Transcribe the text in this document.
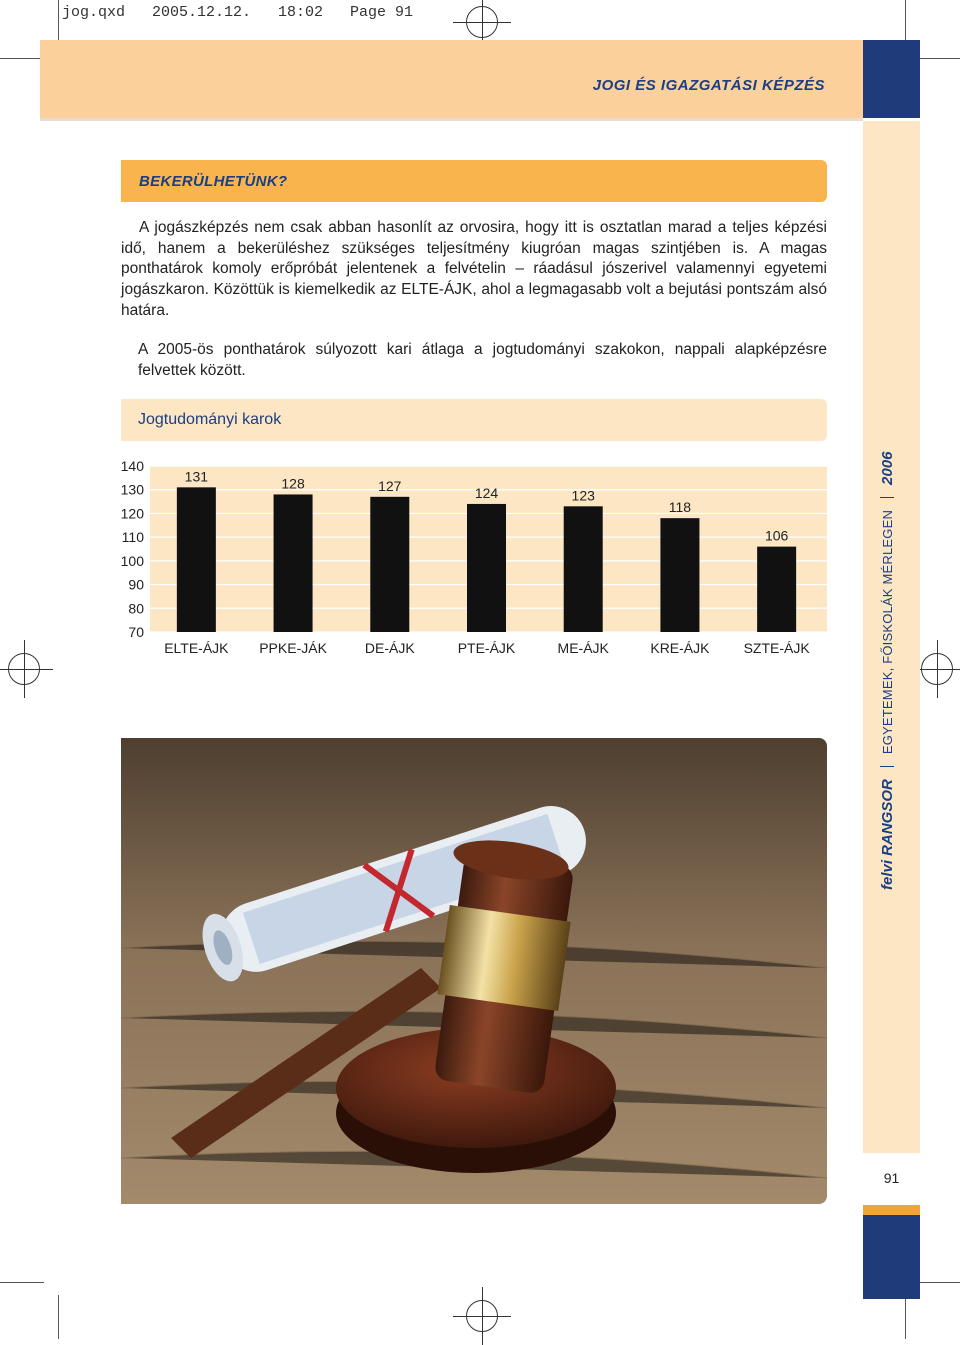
jog.qxd   2005.12.12.   18:02   Page 91
JOGI ÉS IGAZGATÁSI KÉPZÉS
felvi RANGSOR
EGYETEMEK, FŐISKOLÁK MÉRLEGEN
2006
91
BEKERÜLHETÜNK?
A jogászképzés nem csak abban hasonlít az orvosira, hogy itt is osztatlan marad a teljes képzési idő, hanem a bekerüléshez szükséges teljesítmény kiugróan magas szintjében is. A magas ponthatárok komoly erőpróbát jelentenek a felvételin – ráadásul jószerivel valamennyi egyetemi jogászkaron. Közöttük is kiemelkedik az ELTE-ÁJK, ahol a legmagasabb volt a bejutási pontszám alsó határa.
A 2005-ös ponthatárok súlyozott kari átlaga a jogtudományi szakokon, nappali alapképzésre felvettek között.
Jogtudományi karok
140
130
120
110
100
90
80
70
131
ELTE-ÁJK
128
PPKE-JÁK
127
DE-ÁJK
124
PTE-ÁJK
123
ME-ÁJK
118
KRE-ÁJK
106
SZTE-ÁJK
